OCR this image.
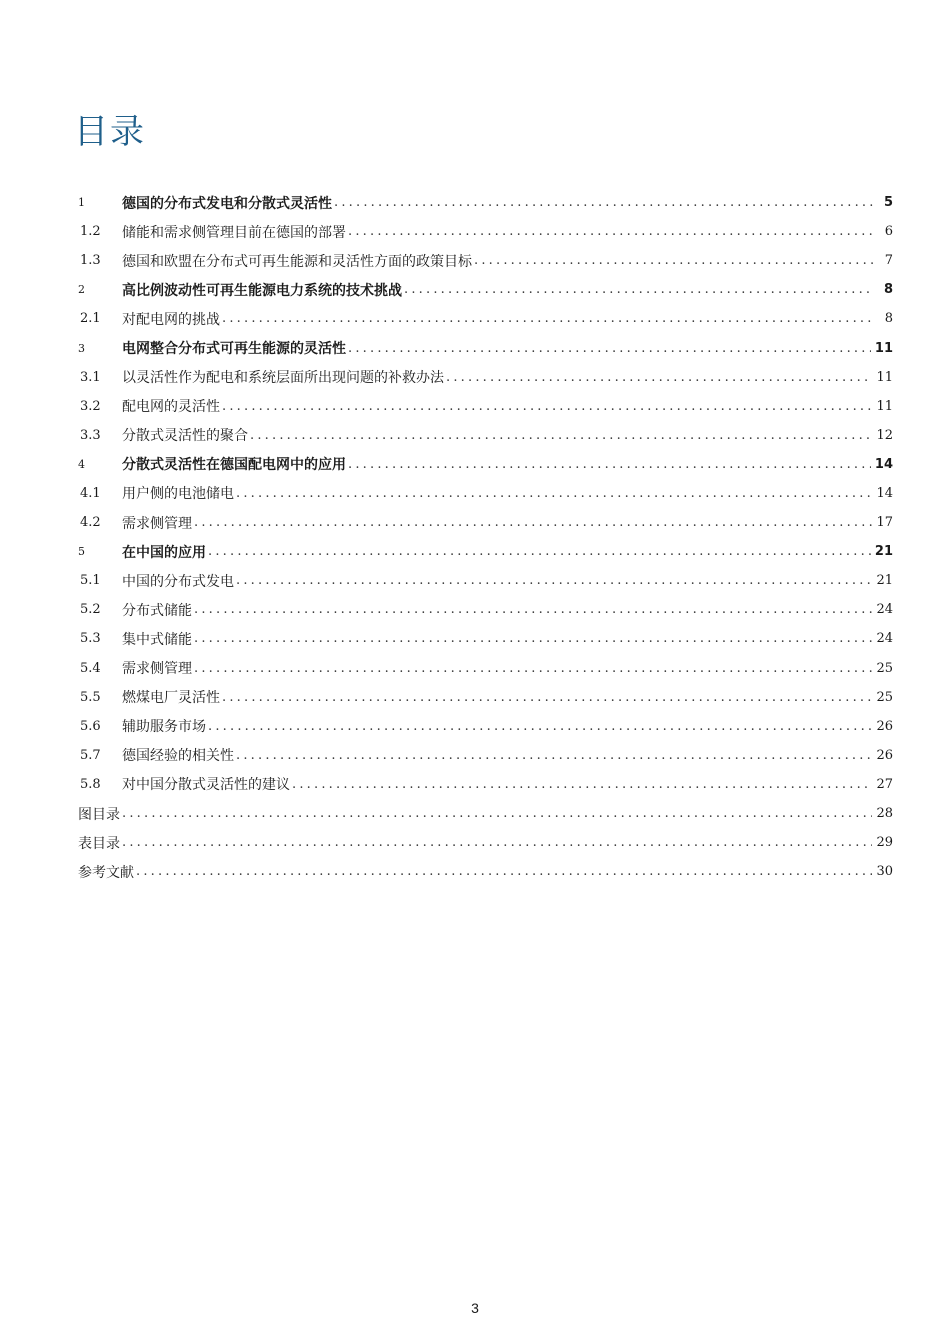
目录
1	德国的分布式发电和分散式灵活性 .....	5
1.2	储能和需求侧管理目前在德国的部署 .....	6
1.3	德国和欧盟在分布式可再生能源和灵活性方面的政策目标 .....	7
2	高比例波动性可再生能源电力系统的技术挑战 .....	8
2.1	对配电网的挑战 .....	8
3	电网整合分布式可再生能源的灵活性 .....	11
3.1	以灵活性作为配电和系统层面所出现问题的补救办法 .....	11
3.2	配电网的灵活性 .....	11
3.3	分散式灵活性的聚合 .....	12
4	分散式灵活性在德国配电网中的应用 .....	14
4.1	用户侧的电池储电 .....	14
4.2	需求侧管理 .....	17
5	在中国的应用 .....	21
5.1	中国的分布式发电 .....	21
5.2	分布式储能 .....	24
5.3	集中式储能 .....	24
5.4	需求侧管理 .....	25
5.5	燃煤电厂灵活性 .....	25
5.6	辅助服务市场 .....	26
5.7	德国经验的相关性 .....	26
5.8	对中国分散式灵活性的建议 .....	27
图目录 .....	28
表目录 .....	29
参考文献 .....	30
3
